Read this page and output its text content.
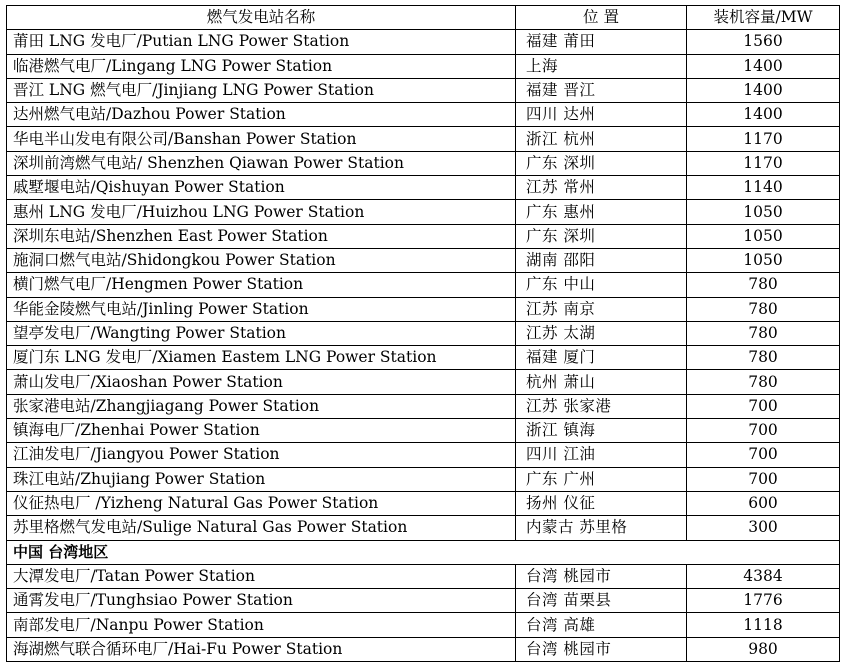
燃气发电站名称	位 置	装机容量/MW
莆田 LNG 发电厂/Putian LNG Power Station	福建 莆田	1560
临港燃气电厂/Lingang LNG Power Station	上海	1400
晋江 LNG 燃气电厂/Jinjiang LNG Power Station	福建 晋江	1400
达州燃气电站/Dazhou Power Station	四川 达州	1400
华电半山发电有限公司/Banshan Power Station	浙江 杭州	1170
深圳前湾燃气电站/ Shenzhen Qiawan Power Station	广东 深圳	1170
戚墅堰电站/Qishuyan Power Station	江苏 常州	1140
惠州 LNG 发电厂/Huizhou LNG Power Station	广东 惠州	1050
深圳东电站/Shenzhen East Power Station	广东 深圳	1050
施洞口燃气电站/Shidongkou Power Station	湖南 邵阳	1050
横门燃气电厂/Hengmen Power Station	广东 中山	780
华能金陵燃气电站/Jinling Power Station	江苏 南京	780
望亭发电厂/Wangting Power Station	江苏 太湖	780
厦门东 LNG 发电厂/Xiamen Eastem LNG Power Station	福建 厦门	780
萧山发电厂/Xiaoshan Power Station	杭州 萧山	780
张家港电站/Zhangjiagang Power Station	江苏 张家港	700
镇海电厂/Zhenhai Power Station	浙江 镇海	700
江油发电厂/Jiangyou Power Station	四川 江油	700
珠江电站/Zhujiang Power Station	广东 广州	700
仪征热电厂 /Yizheng Natural Gas Power Station	扬州 仪征	600
苏里格燃气发电站/Sulige Natural Gas Power Station	内蒙古 苏里格	300
中国 台湾地区		
大潭发电厂/Tatan Power Station	台湾 桃园市	4384
通霄发电厂/Tunghsiao Power Station	台湾 苗栗县	1776
南部发电厂/Nanpu Power Station	台湾 高雄	1118
海湖燃气联合循环电厂/Hai-Fu Power Station	台湾 桃园市	980
